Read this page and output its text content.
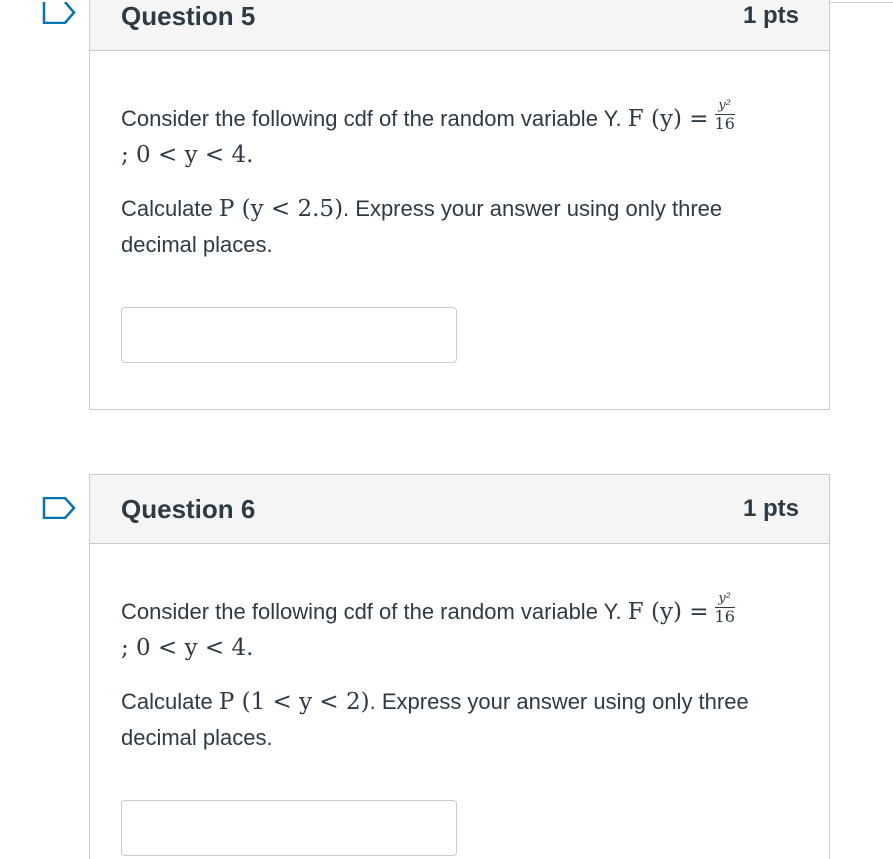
Question 5	1 pts
Consider the following cdf of the random variable Y. F $(y) = \frac{\text{y²}}{16}$

; 0 < y < 4.
Calculate P (y < 2.5). Express your answer using only three decimal places.
Question 6	1 pts
Consider the following cdf of the random variable Y. F $(y) = \frac{\text{y²}}{16}$

; 0 < y < 4.
Calculate P (1 < y < 2). Express your answer using only three decimal places.
